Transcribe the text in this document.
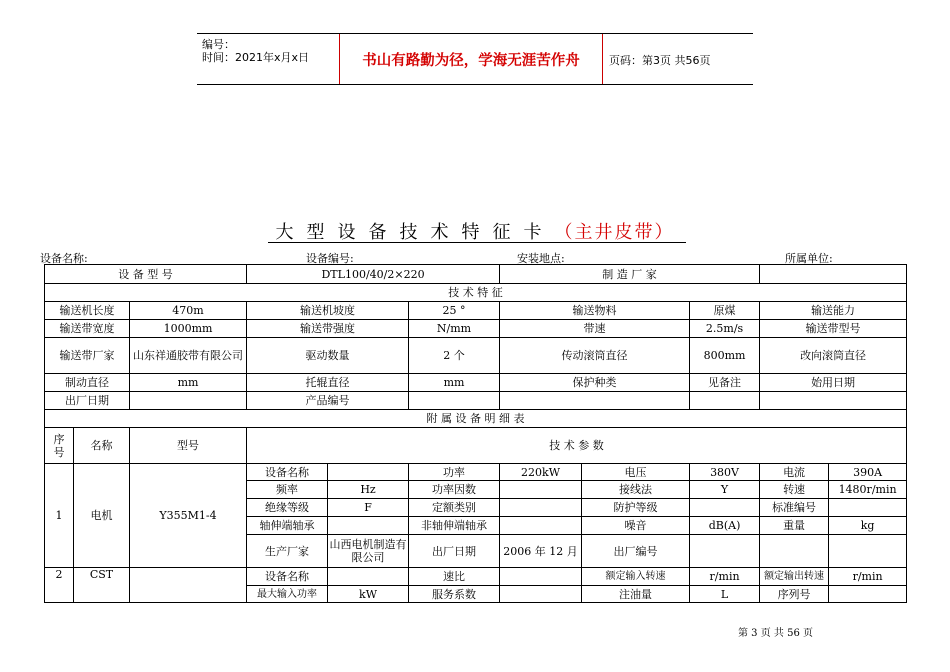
编号：
时间：2021年x月x日	书山有路勤为径，学海无涯苦作舟	页码：第3页 共56页
大型设备技术特征卡（主井皮带）
设备名称:	设备编号:	安装地点:	所属单位:
设 备 型 号			DTL100/40/2×220			制 造 厂 家					
技 术 特 征											
输送机长度		470m	输送机坡度		25 °	输送物料		原煤	输送能力	
输送带宽度		1000mm	输送带强度		N/mm	带速		2.5m/s	输送带型号	
输送带厂家		山东祥通胶带有限公司	驱动数量		2 个	传动滚筒直径		800mm	改向滚筒直径	
制动直径		mm	托辊直径		mm	保护种类		见备注	始用日期		
出厂日期			产品编号								
附 属 设 备 明 细 表											
序号	名称	型号	技 术 参 数								
1	电机	Y355M1-4	设备名称		功率	220kW	电压	380V	电流	390A	
			频率	Hz	功率因数		接线法	Y	转速	1480r/min	
			绝缘等级	F	定额类别		防护等级		标准编号		
			轴伸端轴承		非轴伸端轴承		噪音	dB(A)	重量	kg	
			生产厂家	山西电机制造有限公司	出厂日期	2006 年 12 月	出厂编号				
2	CST		设备名称		速比		额定输入转速	r/min	额定输出转速	r/min	
			最大输入功率	kW	服务系数		注油量	L	序列号		
第 3 页 共 56 页
